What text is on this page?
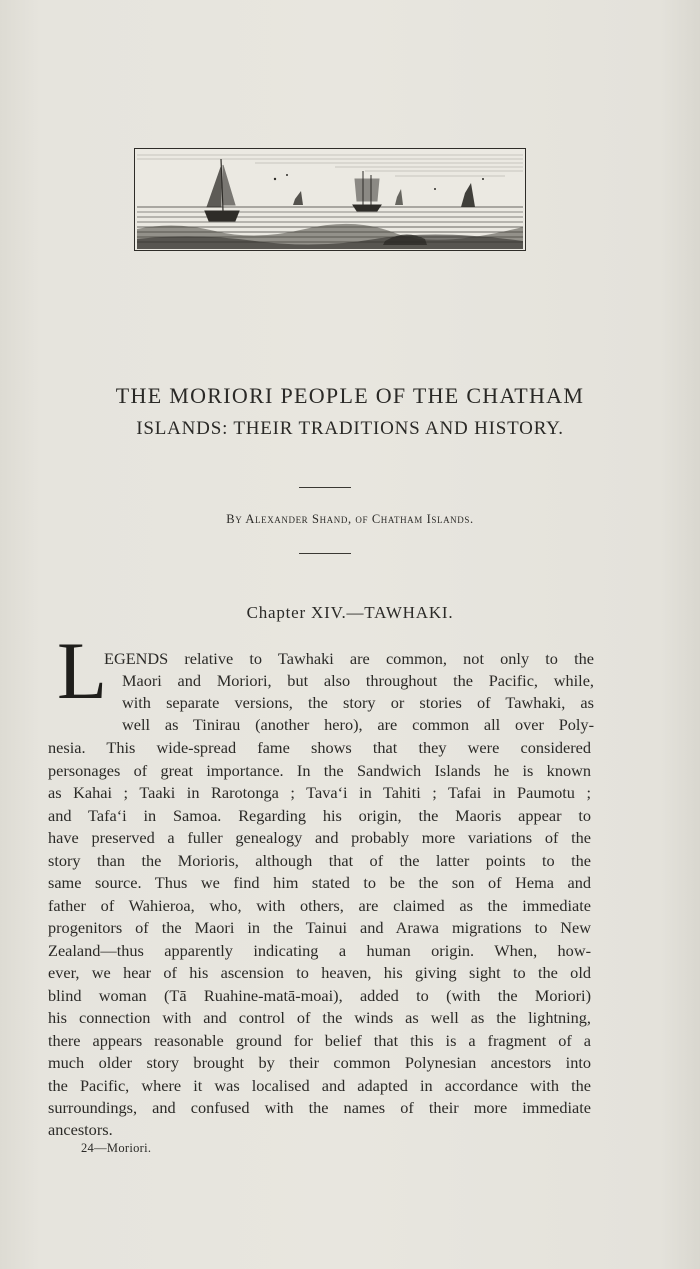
THE MORIORI PEOPLE OF THE CHATHAM
ISLANDS: THEIR TRADITIONS AND HISTORY.
By Alexander Shand, of Chatham Islands.
Chapter XIV.—TAWHAKI.
L
EGENDS relative to Tawhaki are common, not only to the
Maori and Moriori, but also throughout the Pacific, while,
with separate versions, the story or stories of Tawhaki, as
well as Tinirau (another hero), are common all over Poly-
nesia. This wide-spread fame shows that they were considered
personages of great importance. In the Sandwich Islands he is known
as Kahai ; Taaki in Rarotonga ; Tava‘i in Tahiti ; Tafai in Paumotu ;
and Tafa‘i in Samoa. Regarding his origin, the Maoris appear to
have preserved a fuller genealogy and probably more variations of the
story than the Morioris, although that of the latter points to the
same source. Thus we find him stated to be the son of Hema and
father of Wahieroa, who, with others, are claimed as the immediate
progenitors of the Maori in the Tainui and Arawa migrations to New
Zealand—thus apparently indicating a human origin. When, how-
ever, we hear of his ascension to heaven, his giving sight to the old
blind woman (Tā Ruahine-matā-moai), added to (with the Moriori)
his connection with and control of the winds as well as the lightning,
there appears reasonable ground for belief that this is a fragment of a
much older story brought by their common Polynesian ancestors into
the Pacific, where it was localised and adapted in accordance with the
surroundings, and confused with the names of their more immediate
ancestors.
24—Moriori.
